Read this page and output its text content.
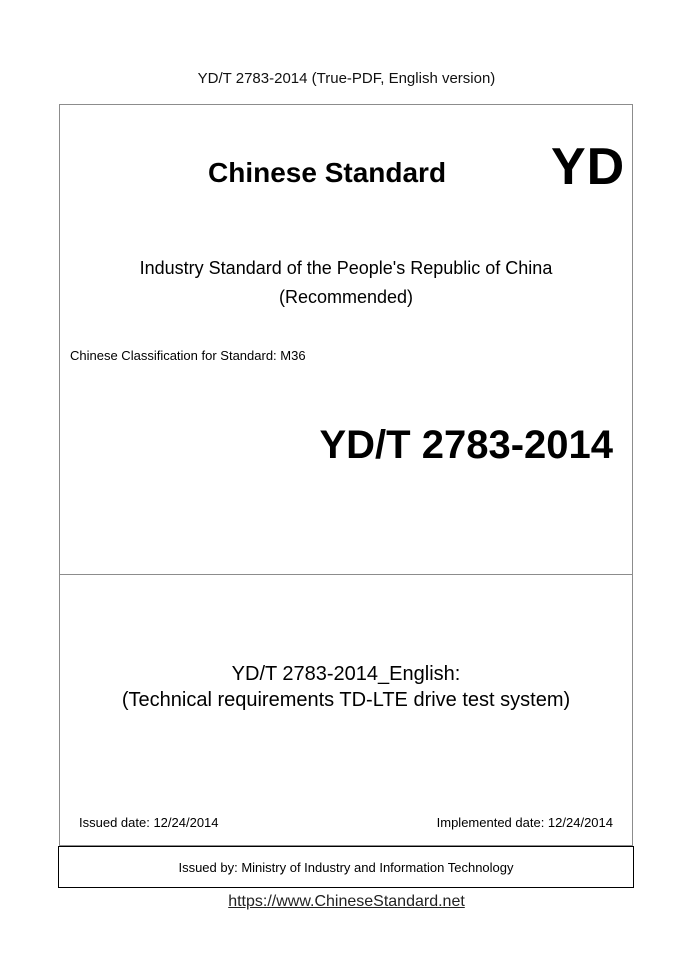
YD/T 2783-2014 (True-PDF, English version)
Chinese Standard YD
Industry Standard of the People's Republic of China
(Recommended)
Chinese Classification for Standard: M36
YD/T 2783-2014
YD/T 2783-2014_English:
(Technical requirements TD-LTE drive test system)
Issued date: 12/24/2014	Implemented date: 12/24/2014
Issued by: Ministry of Industry and Information Technology
https://www.ChineseStandard.net
